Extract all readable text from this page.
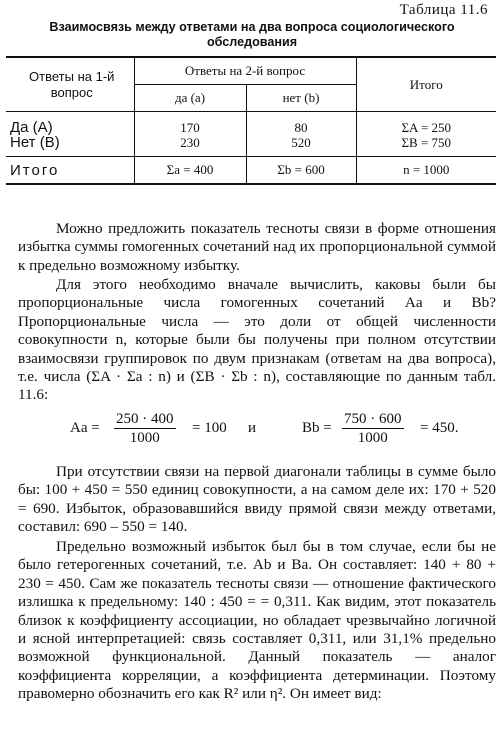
Таблица 11.6
Взаимосвязь между ответами на два вопроса социологического
обследования
Ответы на 1-й вопрос	Ответы на 2-й вопрос		Итого
	да (а)	нет (b)	
Да (А)	170	80	ΣA = 250
Нет (В)	230	520	ΣB = 750
Итого	Σa = 400	Σb = 600	n = 1000
Можно предложить показатель тесноты связи в форме отношения избытка суммы гомогенных сочетаний над их пропорциональной суммой к предельно возможному избытку.
Для этого необходимо вначале вычислить, каковы были бы пропорциональные числа гомогенных сочетаний Aa и Bb? Пропорциональные числа — это доли от общей численности совокупности n, которые были бы получены при полном отсутствии взаимосвязи группировок по двум признакам (ответам на два вопроса), т.е. числа (ΣA · Σa : n) и (ΣB · Σb : n), составляющие по данным табл. 11.6:
$Aa = \frac{250 \cdot 400}{1000} = 100$ и	$Bb = \frac{750 \cdot 600}{1000} = 450$.
При отсутствии связи на первой диагонали таблицы в сумме было бы: 100 + 450 = 550 единиц совокупности, а на самом деле их: 170 + 520 = 690. Избыток, образовавшийся ввиду прямой связи между ответами, составил: 690 – 550 = 140.
Предельно возможный избыток был бы в том случае, если бы не было гетерогенных сочетаний, т.е. Ab и Ba. Он составляет: 140 + 80 + 230 = 450. Сам же показатель тесноты связи — отношение фактического излишка к предельному: 140 : 450 = = 0,311. Как видим, этот показатель близок к коэффициенту ассоциации, но обладает чрезвычайно логичной и ясной интерпретацией: связь составляет 0,311, или 31,1% предельно возможной функциональной. Данный показатель — аналог коэффициента корреляции, а коэффициента детерминации. Поэтому правомерно обозначить его как R² или η². Он имеет вид:
